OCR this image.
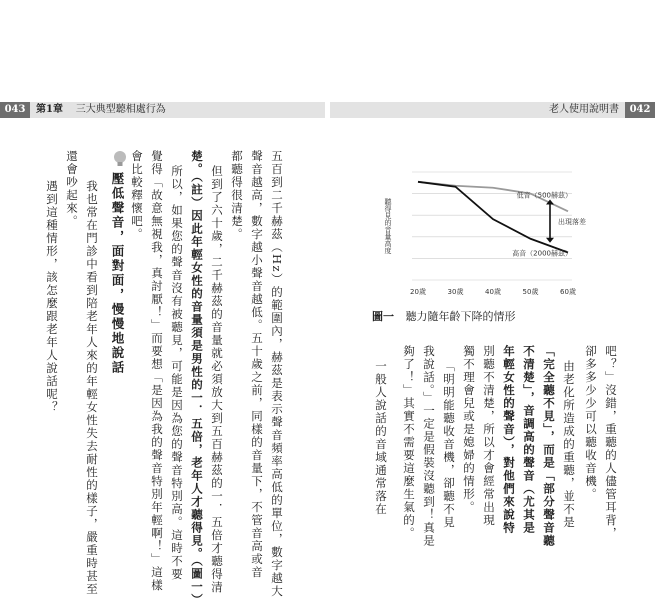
043	第1章 三大典型聽相處行為	老人使用說明書	042
五百到二千赫茲（Hz）的範圍內，赫茲是表示聲音頻率高低的單位，數字越大
聲音越高，數字越小聲音越低。五十歲之前，同樣的音量下，不管音高或音
都聽得很清楚。
但到了六十歲，二千赫茲的音量就必須放大到五百赫茲的一．五倍才聽得清
楚。（註）因此年輕女性的音量須是男性的一．五倍，老年人才聽得見。（圖一）
所以，如果您的聲音沒有被聽見，可能是因為您的聲音特別高。這時不要
覺得「故意無視我，真討厭！」而要想「是因為我的聲音特別年輕啊！」這樣
會比較釋懷吧。
壓低聲音，面對面，慢慢地說話
我也常在門診中看到陪老年人來的年輕女性失去耐性的樣子，嚴重時甚至
還會吵起來。
遇到這種情形，該怎麼跟老年人說話呢？	聽得見的音量高度
20歲	30歲	40歲	50歲	60歲
低音（500赫茲）
高音（2000赫茲）
出現落差
圖一 聽力隨年齡下降的情形
吧？」沒錯，重聽的人儘管耳背，
卻多多少少可以聽收音機。
由老化所造成的重聽，並不是
「完全聽不見」，而是「部分聲音聽
不清楚」，音調高的聲音（尤其是
年輕女性的聲音），對他們來說特
別聽不清楚，所以才會經常出現
獨不理會兒或是媳婦的情形。
「明明能聽收音機，卻聽不見
我說話。」一定是假裝沒聽到！真是
夠了！」其實不需要這麼生氣的。
一般人說話的音域通常落在
